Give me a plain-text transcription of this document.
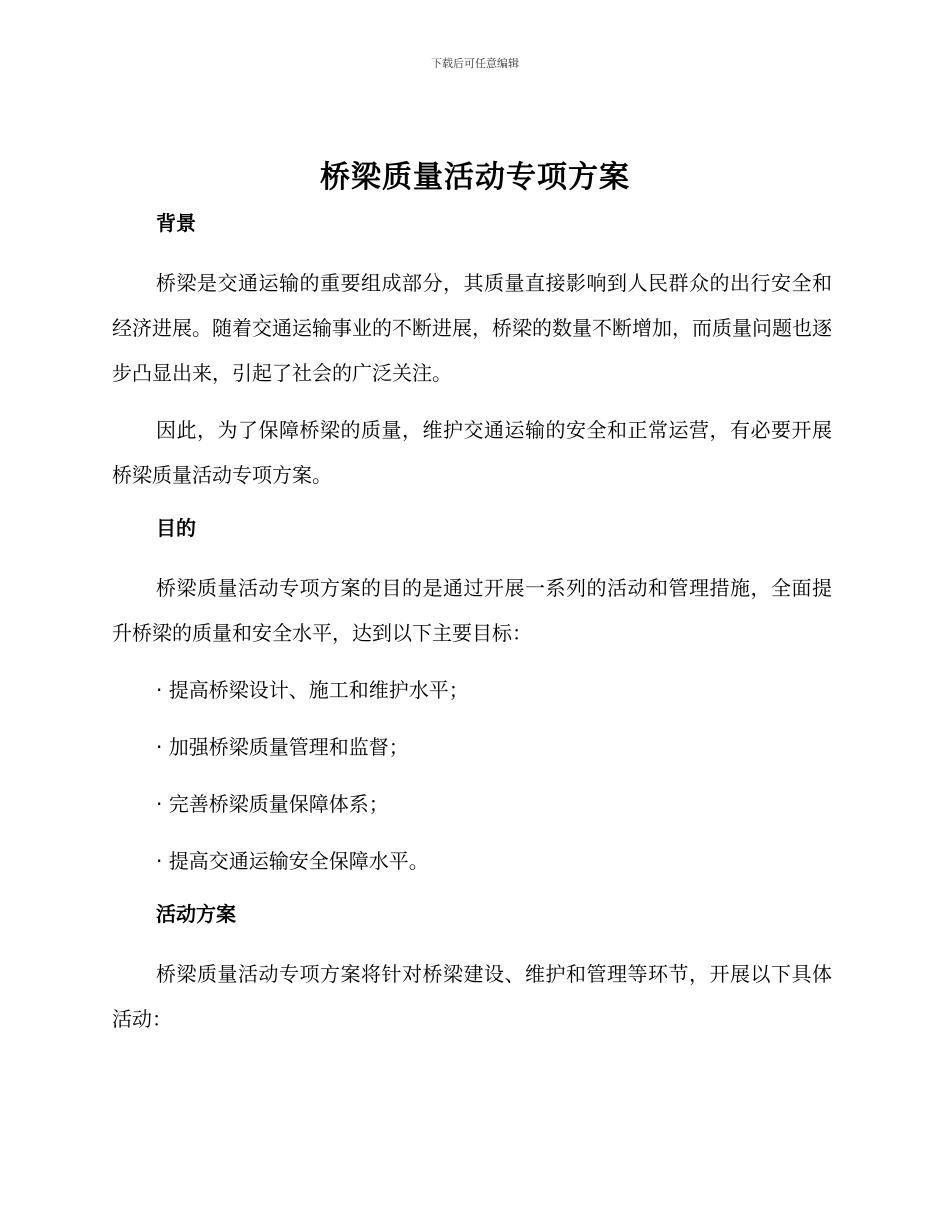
下载后可任意编辑
桥梁质量活动专项方案
背景

桥梁是交通运输的重要组成部分，其质量直接影响到人民群众的出行安全和经济进展。随着交通运输事业的不断进展，桥梁的数量不断增加，而质量问题也逐步凸显出来，引起了社会的广泛关注。

因此，为了保障桥梁的质量，维护交通运输的安全和正常运营，有必要开展桥梁质量活动专项方案。

目的

桥梁质量活动专项方案的目的是通过开展一系列的活动和管理措施，全面提升桥梁的质量和安全水平，达到以下主要目标：

· 提高桥梁设计、施工和维护水平；

· 加强桥梁质量管理和监督；

· 完善桥梁质量保障体系；

· 提高交通运输安全保障水平。

活动方案

桥梁质量活动专项方案将针对桥梁建设、维护和管理等环节，开展以下具体活动：
